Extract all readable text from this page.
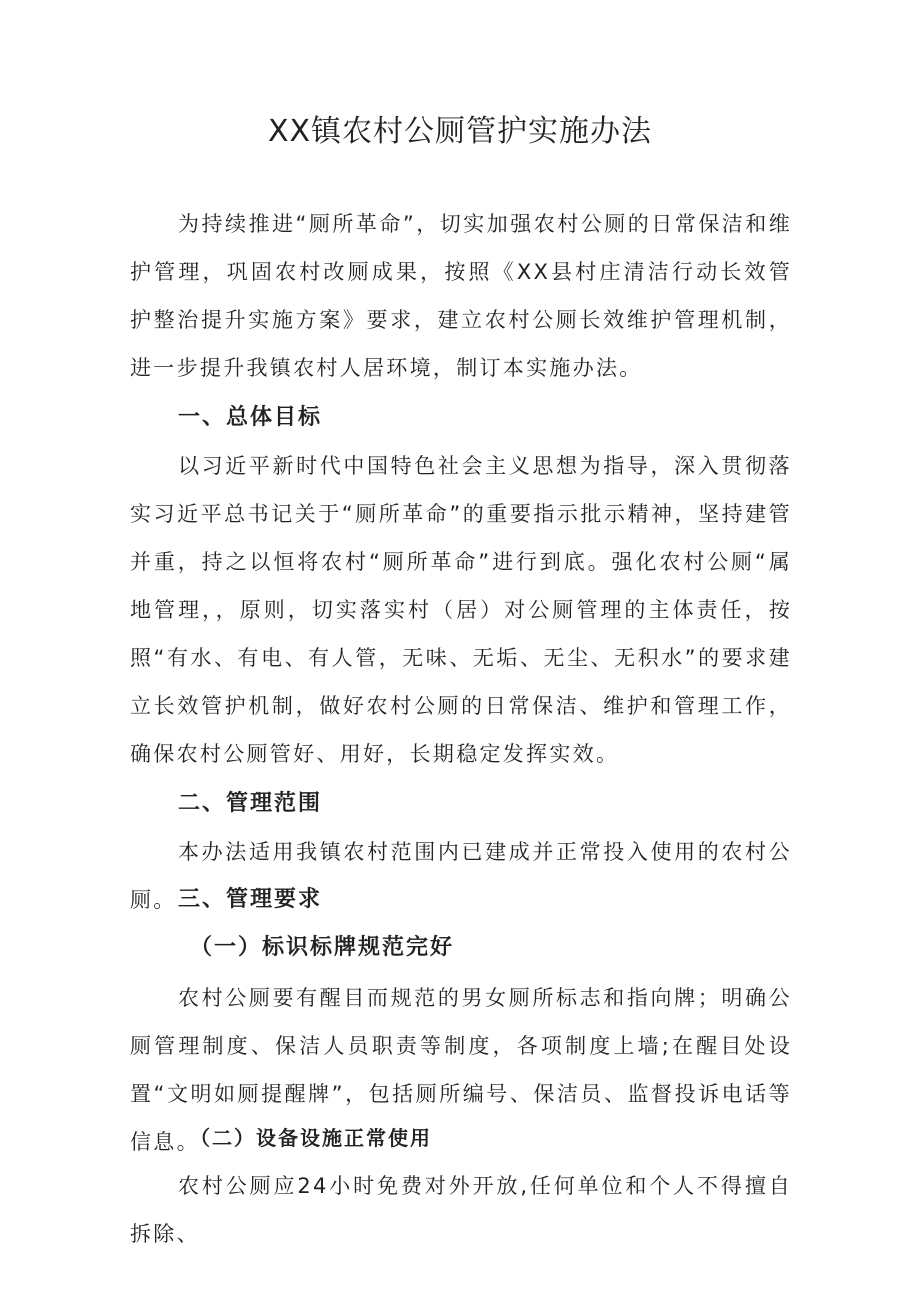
XX镇农村公厕管护实施办法
为持续推进“厕所革命”，切实加强农村公厕的日常保洁和维护管理，巩固农村改厕成果，按照《XX县村庄清洁行动长效管护整治提升实施方案》要求，建立农村公厕长效维护管理机制，进一步提升我镇农村人居环境，制订本实施办法。
一、总体目标
以习近平新时代中国特色社会主义思想为指导，深入贯彻落实习近平总书记关于“厕所革命”的重要指示批示精神，坚持建管并重，持之以恒将农村“厕所革命”进行到底。强化农村公厕“属地管理，，原则，切实落实村（居）对公厕管理的主体责任，按照“有水、有电、有人管，无味、无垢、无尘、无积水”的要求建立长效管护机制，做好农村公厕的日常保洁、维护和管理工作，确保农村公厕管好、用好，长期稳定发挥实效。
二、管理范围
本办法适用我镇农村范围内已建成并正常投入使用的农村公厕。 三、管理要求
（一）标识标牌规范完好
农村公厕要有醒目而规范的男女厕所标志和指向牌；明确公厕管理制度、保洁人员职责等制度，各项制度上墙;在醒目处设置“文明如厕提醒牌”，包括厕所编号、保洁员、监督投诉电话等信息。
（二）设备设施正常使用
农村公厕应24小时免费对外开放,任何单位和个人不得擅自拆除、
